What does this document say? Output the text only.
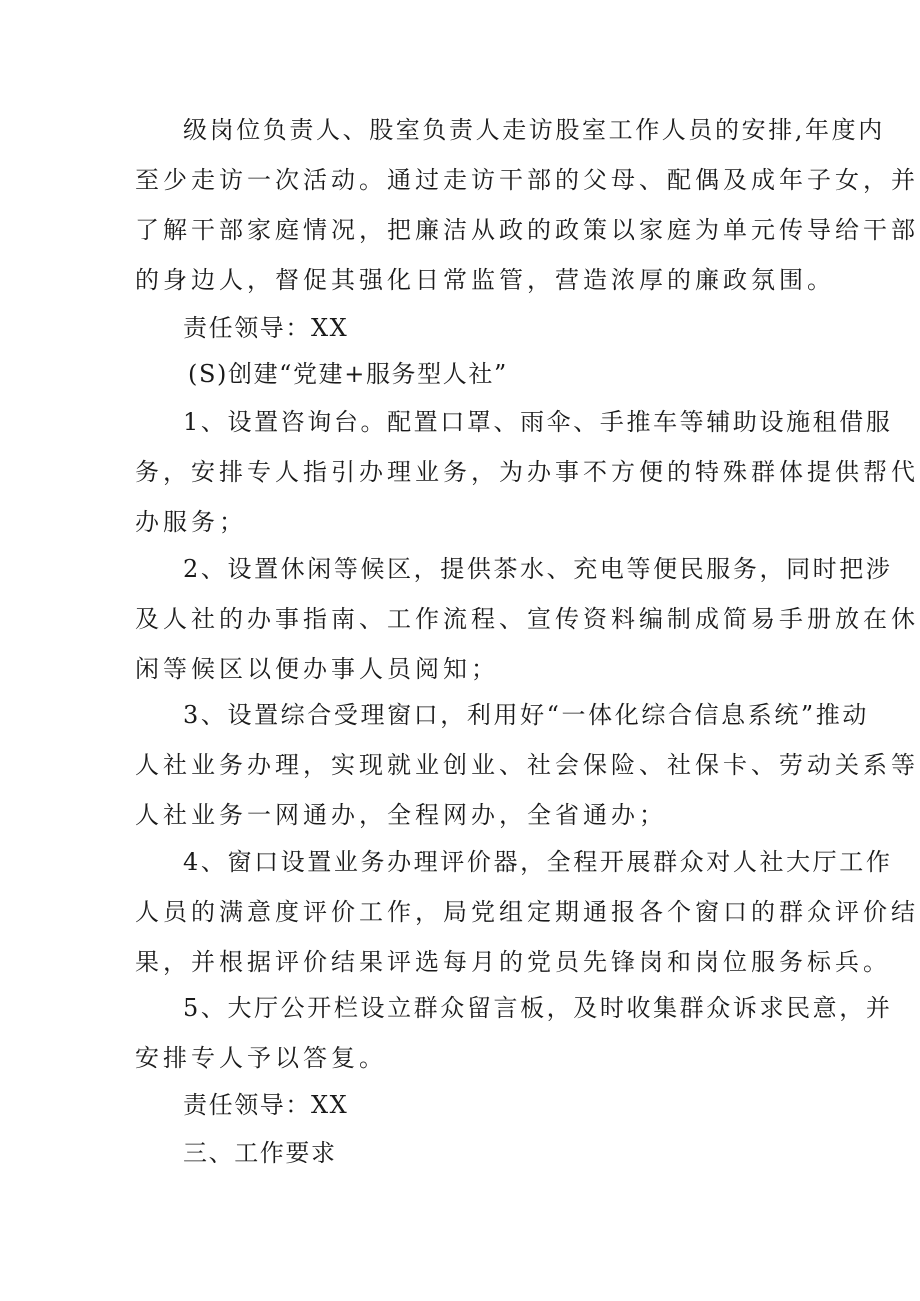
级岗位负责人、股室负责人走访股室工作人员的安排,年度内
至少走访一次活动。通过走访干部的父母、配偶及成年子女，并
了解干部家庭情况，把廉洁从政的政策以家庭为单元传导给干部
的身边人，督促其强化日常监管，营造浓厚的廉政氛围。
责任领导：XX
(S)创建“党建+服务型人社”
1、设置咨询台。配置口罩、雨伞、手推车等辅助设施租借服
务，安排专人指引办理业务，为办事不方便的特殊群体提供帮代
办服务；
2、设置休闲等候区，提供茶水、充电等便民服务，同时把涉
及人社的办事指南、工作流程、宣传资料编制成简易手册放在休
闲等候区以便办事人员阅知；
3、设置综合受理窗口，利用好“一体化综合信息系统”推动
人社业务办理，实现就业创业、社会保险、社保卡、劳动关系等
人社业务一网通办，全程网办，全省通办；
4、窗口设置业务办理评价器，全程开展群众对人社大厅工作
人员的满意度评价工作，局党组定期通报各个窗口的群众评价结
果，并根据评价结果评选每月的党员先锋岗和岗位服务标兵。
5、大厅公开栏设立群众留言板，及时收集群众诉求民意，并
安排专人予以答复。
责任领导：XX
三、工作要求
